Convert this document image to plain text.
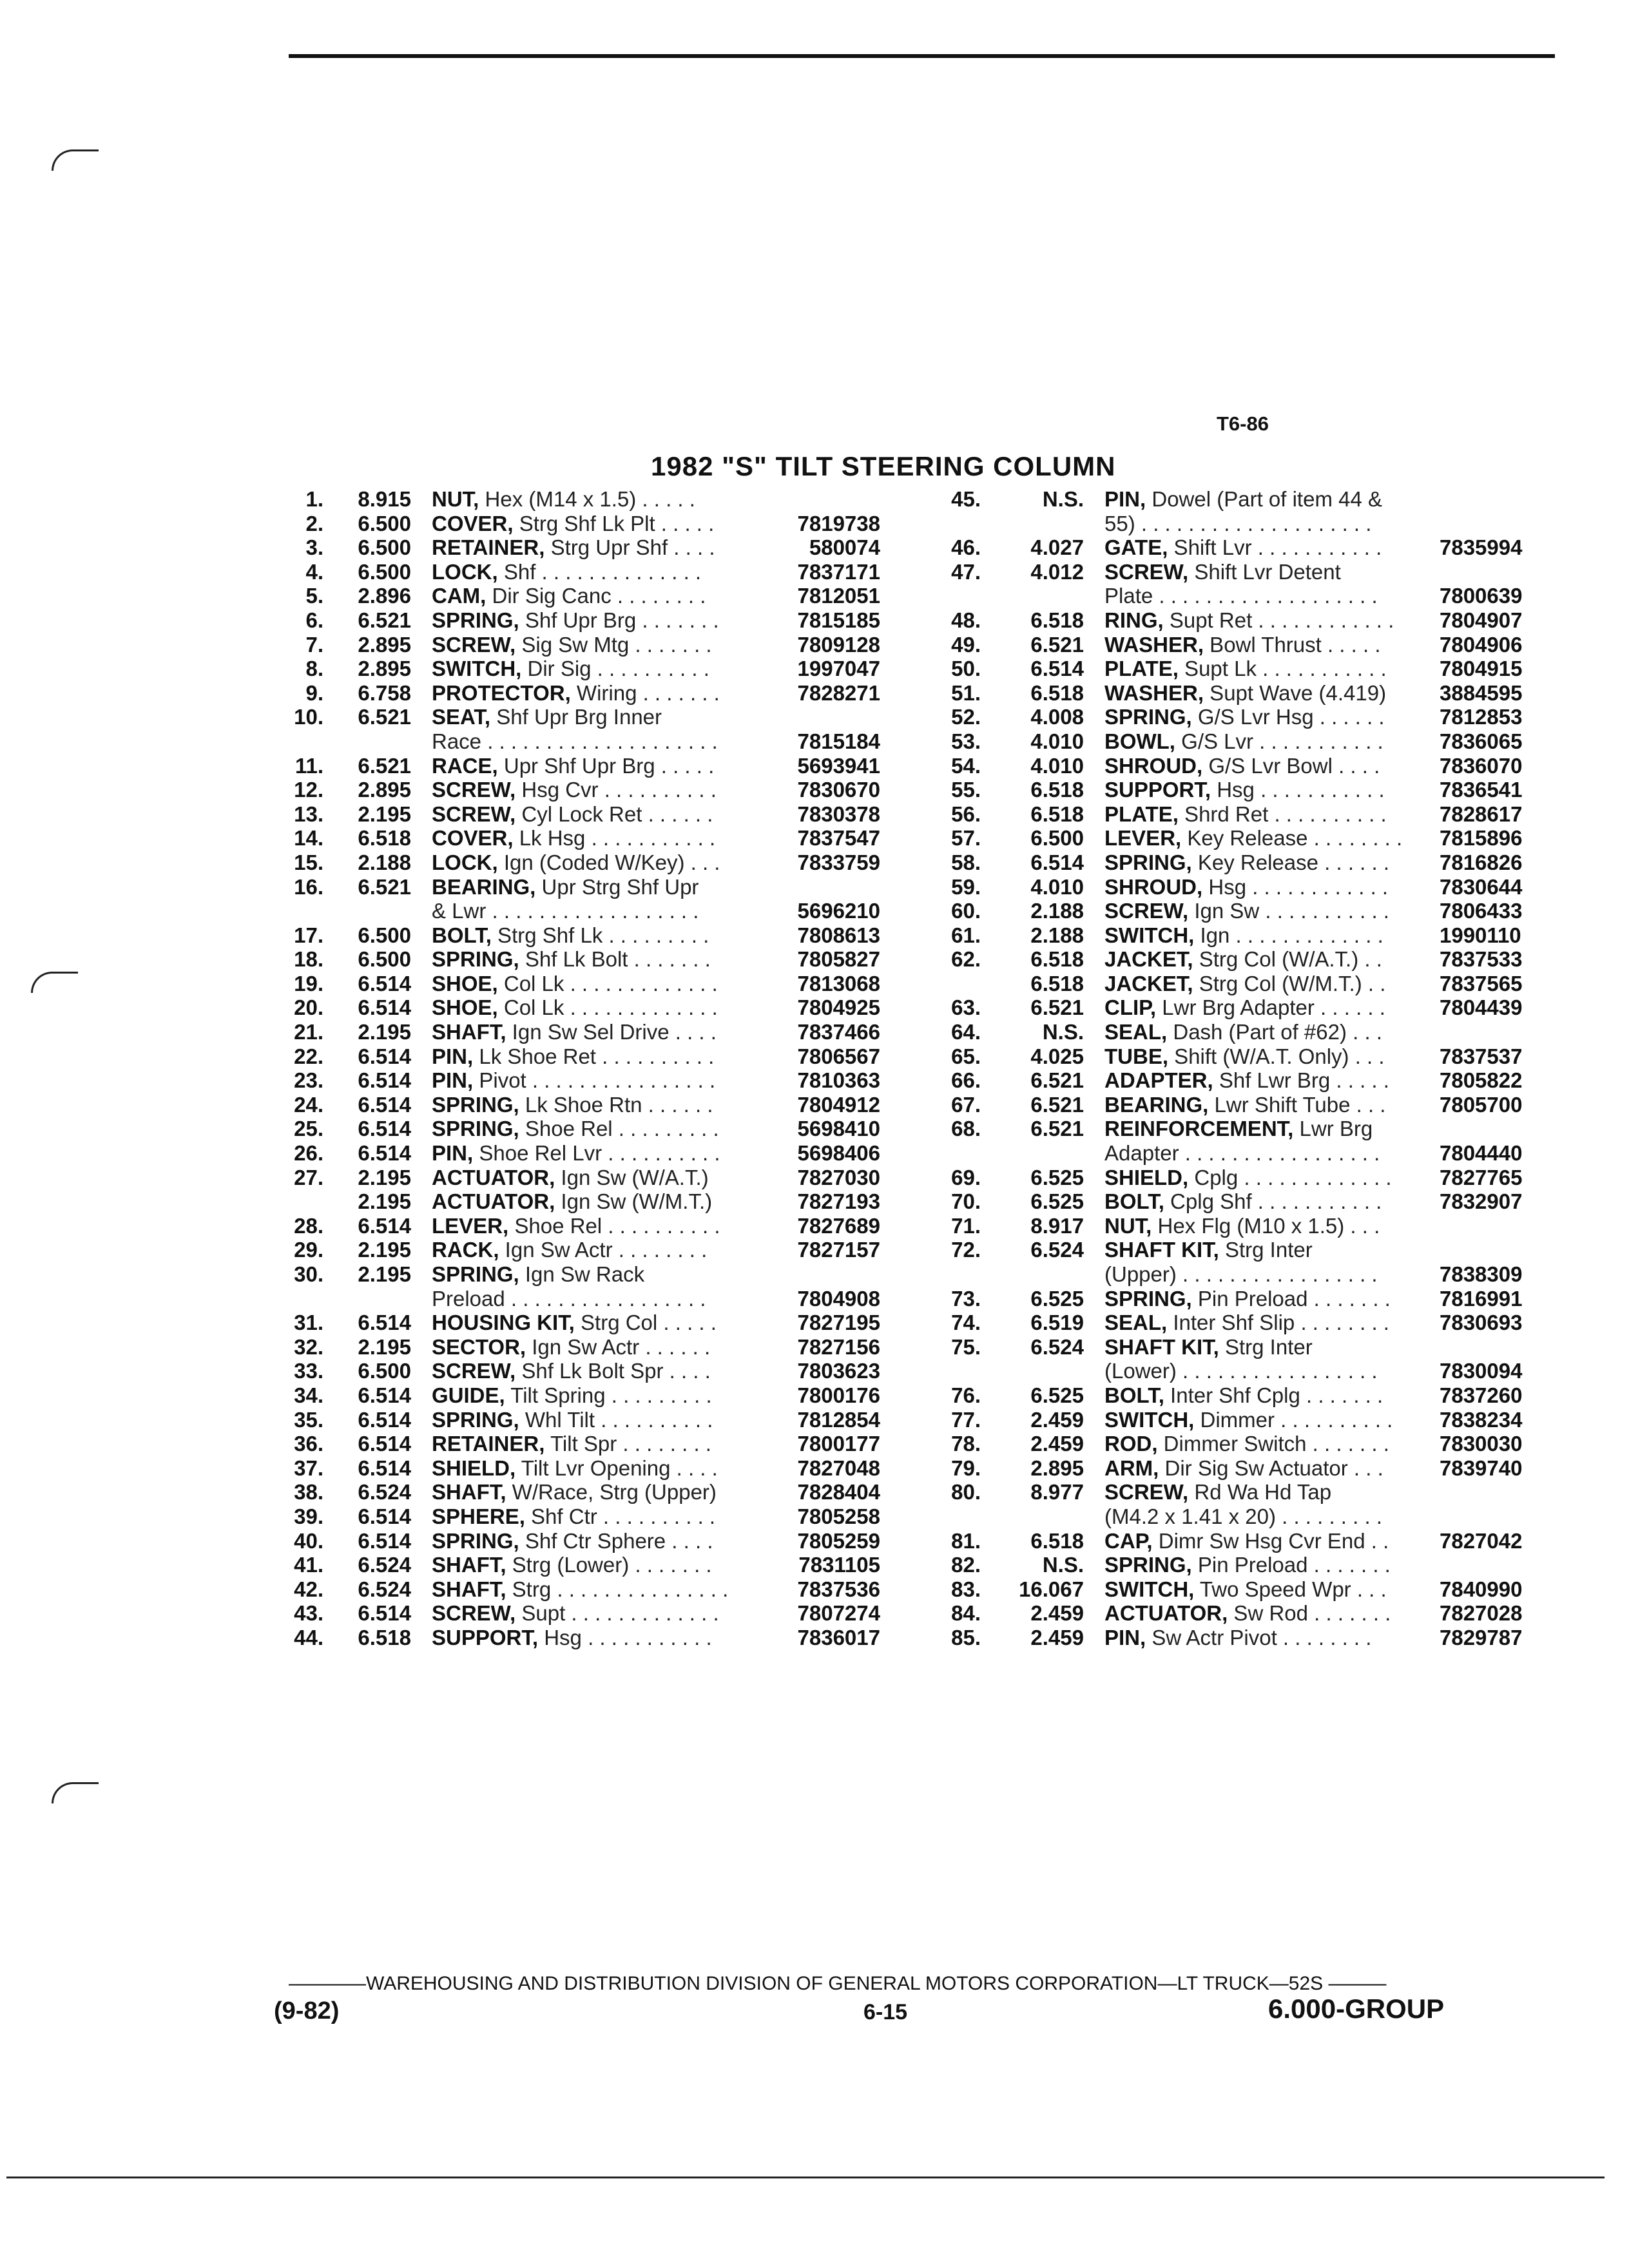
T6-86
1982 "S" TILT STEERING COLUMN
1.	8.915 NUT, Hex (M14 x 1.5) . . . . .
2.	6.500 COVER, Strg Shf Lk Plt . . . . .	7819738
3.	6.500 RETAINER, Strg Upr Shf . . . .	580074
4.	6.500 LOCK, Shf . . . . . . . . . . . . . .	7837171
5.	2.896 CAM, Dir Sig Canc . . . . . . . .	7812051
6.	6.521 SPRING, Shf Upr Brg . . . . . . .	7815185
7.	2.895 SCREW, Sig Sw Mtg . . . . . . .	7809128
8.	2.895 SWITCH, Dir Sig . . . . . . . . . .	1997047
9.	6.758 PROTECTOR, Wiring . . . . . . .	7828271
10.	6.521 SEAT, Shf Upr Brg Inner
Race . . . . . . . . . . . . . . . . . . . .	7815184
11.	6.521 RACE, Upr Shf Upr Brg . . . . .	5693941
12.	2.895 SCREW, Hsg Cvr . . . . . . . . . .	7830670
13.	2.195 SCREW, Cyl Lock Ret . . . . . .	7830378
14.	6.518 COVER, Lk Hsg . . . . . . . . . . .	7837547
15.	2.188 LOCK, Ign (Coded W/Key) . . .	7833759
16.	6.521 BEARING, Upr Strg Shf Upr
& Lwr . . . . . . . . . . . . . . . . . .	5696210
17.	6.500 BOLT, Strg Shf Lk . . . . . . . . .	7808613
18.	6.500 SPRING, Shf Lk Bolt . . . . . . .	7805827
19.	6.514 SHOE, Col Lk . . . . . . . . . . . . .	7813068
20.	6.514 SHOE, Col Lk . . . . . . . . . . . . .	7804925
21.	2.195 SHAFT, Ign Sw Sel Drive . . . .	7837466
22.	6.514 PIN, Lk Shoe Ret . . . . . . . . . .	7806567
23.	6.514 PIN, Pivot . . . . . . . . . . . . . . . .	7810363
24.	6.514 SPRING, Lk Shoe Rtn . . . . . .	7804912
25.	6.514 SPRING, Shoe Rel . . . . . . . . .	5698410
26.	6.514 PIN, Shoe Rel Lvr . . . . . . . . . .	5698406
27.	2.195 ACTUATOR, Ign Sw (W/A.T.)	7827030
2.195 ACTUATOR, Ign Sw (W/M.T.)	7827193
28.	6.514 LEVER, Shoe Rel . . . . . . . . . .	7827689
29.	2.195 RACK, Ign Sw Actr . . . . . . . .	7827157
30.	2.195 SPRING, Ign Sw Rack
Preload . . . . . . . . . . . . . . . . .	7804908
31.	6.514 HOUSING KIT, Strg Col . . . . .	7827195
32.	2.195 SECTOR, Ign Sw Actr . . . . . .	7827156
33.	6.500 SCREW, Shf Lk Bolt Spr . . . .	7803623
34.	6.514 GUIDE, Tilt Spring . . . . . . . . .	7800176
35.	6.514 SPRING, Whl Tilt . . . . . . . . . .	7812854
36.	6.514 RETAINER, Tilt Spr . . . . . . . .	7800177
37.	6.514 SHIELD, Tilt Lvr Opening . . . .	7827048
38.	6.524 SHAFT, W/Race, Strg (Upper)	7828404
39.	6.514 SPHERE, Shf Ctr . . . . . . . . . .	7805258
40.	6.514 SPRING, Shf Ctr Sphere . . . .	7805259
41.	6.524 SHAFT, Strg (Lower) . . . . . . .	7831105
42.	6.524 SHAFT, Strg . . . . . . . . . . . . . . .	7837536
43.	6.514 SCREW, Supt . . . . . . . . . . . . .	7807274
44.	6.518 SUPPORT, Hsg . . . . . . . . . . .	7836017
45.	N.S. PIN, Dowel (Part of item 44 &
55) . . . . . . . . . . . . . . . . . . . .
46.	4.027 GATE, Shift Lvr . . . . . . . . . . .	7835994
47.	4.012 SCREW, Shift Lvr Detent
Plate . . . . . . . . . . . . . . . . . . .	7800639
48.	6.518 RING, Supt Ret . . . . . . . . . . . .	7804907
49.	6.521 WASHER, Bowl Thrust . . . . .	7804906
50.	6.514 PLATE, Supt Lk . . . . . . . . . . .	7804915
51.	6.518 WASHER, Supt Wave (4.419)	3884595
52.	4.008 SPRING, G/S Lvr Hsg . . . . . .	7812853
53.	4.010 BOWL, G/S Lvr . . . . . . . . . . .	7836065
54.	4.010 SHROUD, G/S Lvr Bowl . . . .	7836070
55.	6.518 SUPPORT, Hsg . . . . . . . . . . .	7836541
56.	6.518 PLATE, Shrd Ret . . . . . . . . . .	7828617
57.	6.500 LEVER, Key Release . . . . . . . .	7815896
58.	6.514 SPRING, Key Release . . . . . .	7816826
59.	4.010 SHROUD, Hsg . . . . . . . . . . . .	7830644
60.	2.188 SCREW, Ign Sw . . . . . . . . . . .	7806433
61.	2.188 SWITCH, Ign . . . . . . . . . . . . .	1990110
62.	6.518 JACKET, Strg Col (W/A.T.) . .	7837533
6.518 JACKET, Strg Col (W/M.T.) . .	7837565
63.	6.521 CLIP, Lwr Brg Adapter . . . . . .	7804439
64.	N.S. SEAL, Dash (Part of #62) . . .
65.	4.025 TUBE, Shift (W/A.T. Only) . . .	7837537
66.	6.521 ADAPTER, Shf Lwr Brg . . . . .	7805822
67.	6.521 BEARING, Lwr Shift Tube . . .	7805700
68.	6.521 REINFORCEMENT, Lwr Brg
Adapter . . . . . . . . . . . . . . . . .	7804440
69.	6.525 SHIELD, Cplg . . . . . . . . . . . . .	7827765
70.	6.525 BOLT, Cplg Shf . . . . . . . . . . .	7832907
71.	8.917 NUT, Hex Flg (M10 x 1.5) . . .
72.	6.524 SHAFT KIT, Strg Inter
(Upper) . . . . . . . . . . . . . . . . .	7838309
73.	6.525 SPRING, Pin Preload . . . . . . .	7816991
74.	6.519 SEAL, Inter Shf Slip . . . . . . . .	7830693
75.	6.524 SHAFT KIT, Strg Inter
(Lower) . . . . . . . . . . . . . . . . .	7830094
76.	6.525 BOLT, Inter Shf Cplg . . . . . . .	7837260
77.	2.459 SWITCH, Dimmer . . . . . . . . . .	7838234
78.	2.459 ROD, Dimmer Switch . . . . . . .	7830030
79.	2.895 ARM, Dir Sig Sw Actuator . . .	7839740
80.	8.977 SCREW, Rd Wa Hd Tap
(M4.2 x 1.41 x 20) . . . . . . . . .
81.	6.518 CAP, Dimr Sw Hsg Cvr End . .	7827042
82.	N.S. SPRING, Pin Preload . . . . . . .
83.	16.067 SWITCH, Two Speed Wpr . . .	7840990
84.	2.459 ACTUATOR, Sw Rod . . . . . . .	7827028
85.	2.459 PIN, Sw Actr Pivot . . . . . . . .	7829787
————WAREHOUSING AND DISTRIBUTION DIVISION OF GENERAL MOTORS CORPORATION—LT TRUCK—52S ———
(9-82)	6-15	6.000-GROUP
